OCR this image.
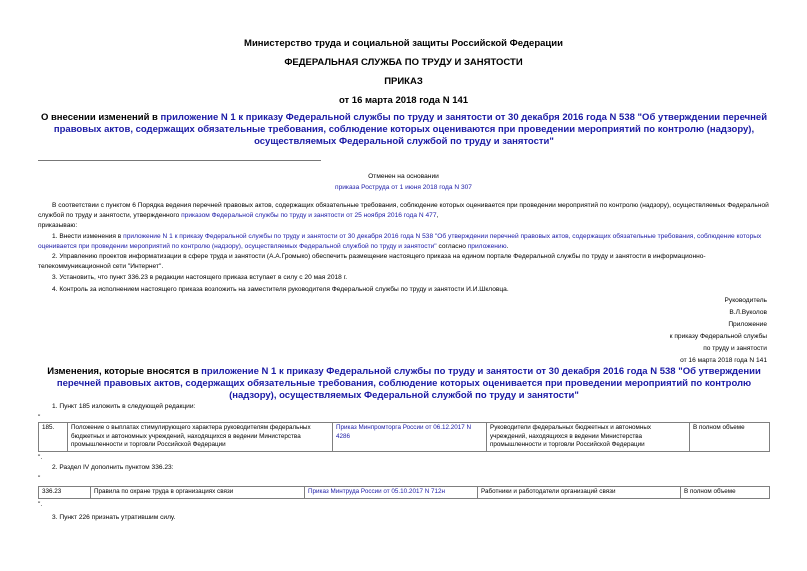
Министерство труда и социальной защиты Российской Федерации
ФЕДЕРАЛЬНАЯ СЛУЖБА ПО ТРУДУ И ЗАНЯТОСТИ
ПРИКАЗ
от 16 марта 2018 года N 141
О внесении изменений в приложение N 1 к приказу Федеральной службы по труду и занятости от 30 декабря 2016 года N 538 "Об утверждении перечней правовых актов, содержащих обязательные требования, соблюдение которых оцениваются при проведении мероприятий по контролю (надзору), осуществляемых Федеральной службой по труду и занятости"
Отменен на основании
приказа Роструда от 1 июня 2018 года N 307
В соответствии с пунктом 6 Порядка ведения перечней правовых актов, содержащих обязательные требования, соблюдение которых оценивается при проведении мероприятий по контролю (надзору), осуществляемых Федеральной службой по труду и занятости, утвержденного приказом Федеральной службы по труду и занятости от 25 ноября 2016 года N 477,
приказываю:
1. Внести изменения в приложение N 1 к приказу Федеральной службы по труду и занятости от 30 декабря 2016 года N 538 "Об утверждении перечней правовых актов, содержащих обязательные требования, соблюдение которых оценивается при проведении мероприятий по контролю (надзору), осуществляемых Федеральной службой по труду и занятости" согласно приложению.
2. Управлению проектов информатизации в сфере труда и занятости (А.А.Громыко) обеспечить размещение настоящего приказа на едином портале Федеральной службы по труду и занятости в информационно-телекоммуникационной сети "Интернет".
3. Установить, что пункт 336.23 в редакции настоящего приказа вступает в силу с 20 мая 2018 г.
4. Контроль за исполнением настоящего приказа возложить на заместителя руководителя Федеральной службы по труду и занятости И.И.Шкловца.
Руководитель
В.Л.Вуколов
Приложение
к приказу Федеральной службы
по труду и занятости
от 16 марта 2018 года N 141
Изменения, которые вносятся в приложение N 1 к приказу Федеральной службы по труду и занятости от 30 декабря 2016 года N 538 "Об утверждении перечней правовых актов, содержащих обязательные требования, соблюдение которых оценивается при проведении мероприятий по контролю (надзору), осуществляемых Федеральной службой по труду и занятости"
1. Пункт 185 изложить в следующей редакции:
"
185.	Положение о выплатах стимулирующего характера руководителям федеральных бюджетных и автономных учреждений, находящихся в ведении Министерства промышленности и торговли Российской Федерации	Приказ Минпромторга России от 06.12.2017 N 4286	Руководители федеральных бюджетных и автономных учреждений, находящихся в ведении Министерства промышленности и торговли Российской Федерации	В полном объеме
".
2. Раздел IV дополнить пунктом 336.23:
"
336.23	Правила по охране труда в организациях связи	Приказ Минтруда России от 05.10.2017 N 712н	Работники и работодатели организаций связи	В полном объеме
".
3. Пункт 226 признать утратившим силу.
